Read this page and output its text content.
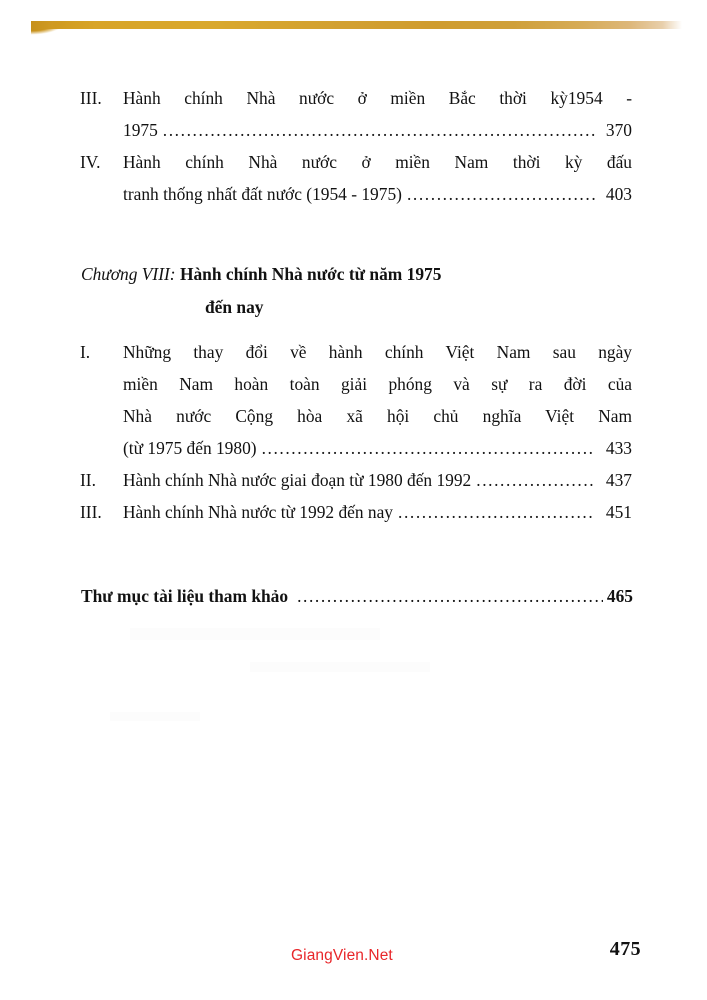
III.	Hành chính Nhà nước ở miền Bắc thời kỳ1954 -
1975 .....	370
IV.	Hành chính Nhà nước ở miền Nam thời kỳ đấu
tranh thống nhất đất nước (1954 - 1975) .....	403
Chương VIII: Hành chính Nhà nước từ năm 1975
đến nay
I.	Những thay đổi về hành chính Việt Nam sau ngày
miền Nam hoàn toàn giải phóng và sự ra đời của
Nhà nước Cộng hòa xã hội chủ nghĩa Việt Nam
(từ 1975 đến 1980) .....	433
II.	Hành chính Nhà nước giai đoạn từ 1980 đến 1992 .....	437
III.	Hành chính Nhà nước từ 1992 đến nay .....	451
Thư mục tài liệu tham khảo .....	465
GiangVien.Net	475
